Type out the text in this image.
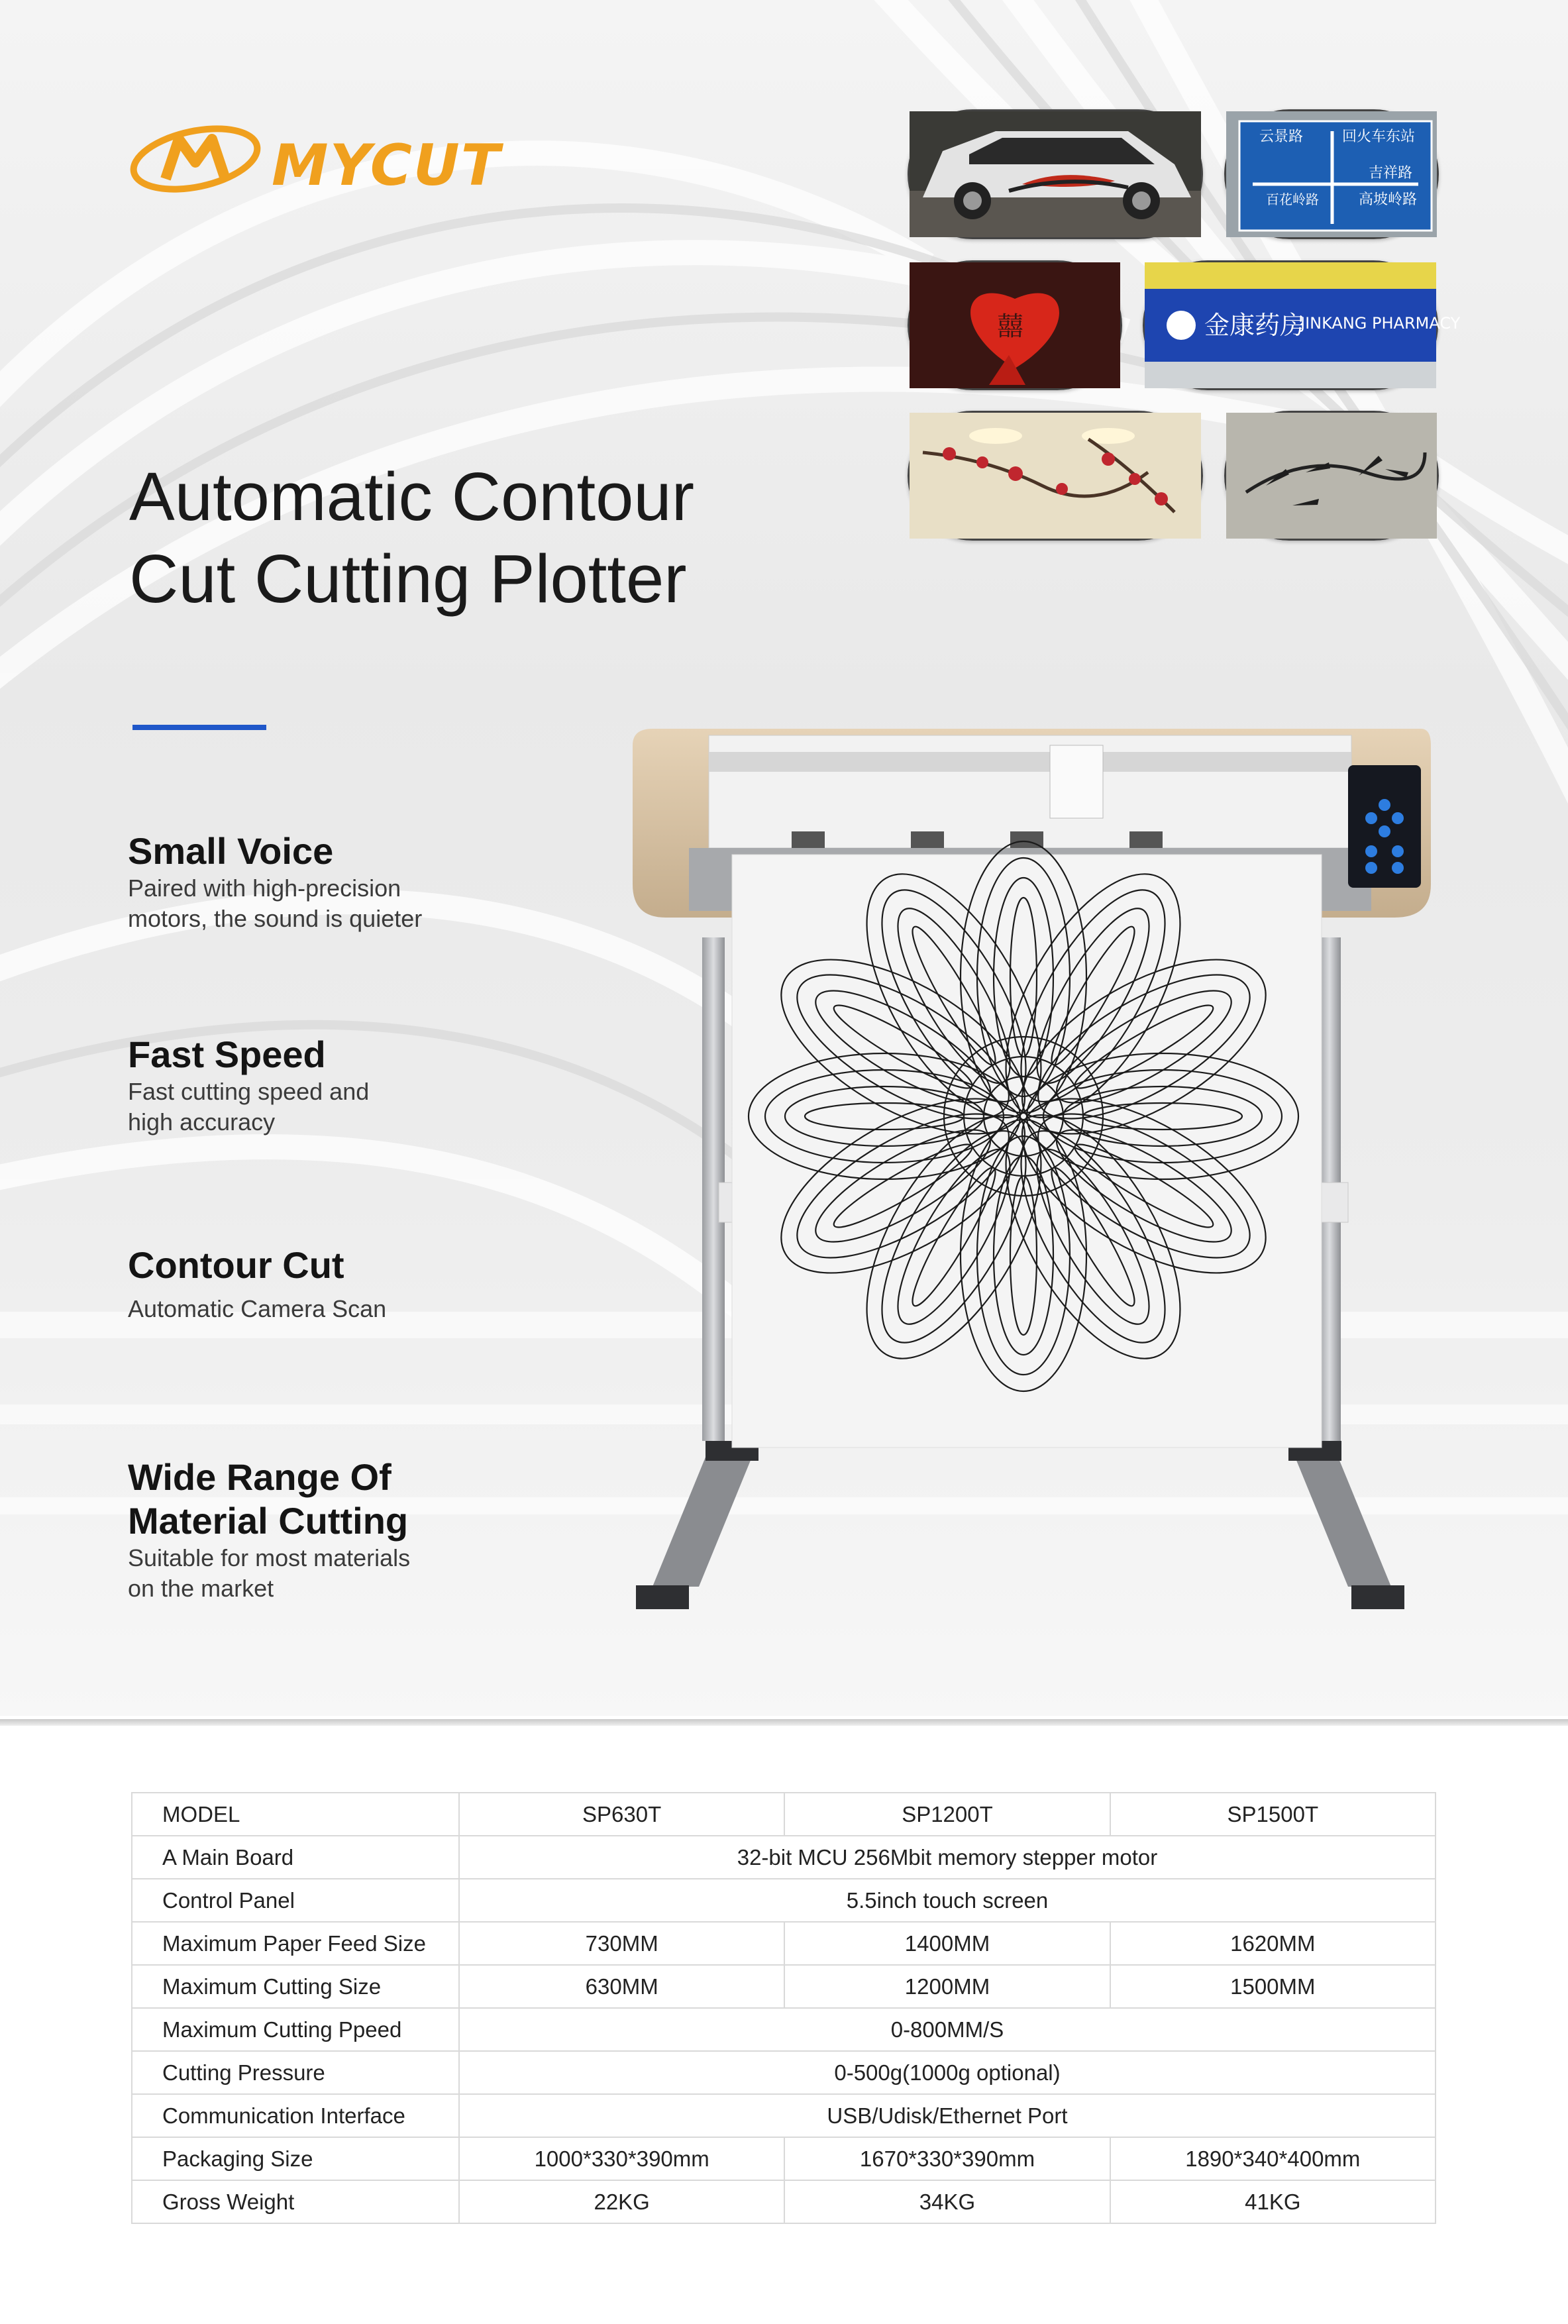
MYCUT
Automatic Contour
Cut Cutting Plotter
Small Voice

Paired with high-precision

motors, the sound is quieter

Fast Speed

Fast cutting speed and

high accuracy

Contour Cut

Automatic Camera Scan

Wide Range Of
Material Cutting

Suitable for most materials

on the market

云景路	回火车东站
吉祥路
百花岭路	高坡岭路
囍	金康药房
JINKANG PHARMACY
MODEL	SP630T	SP1200T	SP1500T
A Main Board	32-bit MCU 256Mbit memory stepper motor		
Control Panel	5.5inch touch screen		
Maximum Paper Feed Size	730MM	1400MM	1620MM
Maximum Cutting Size	630MM	1200MM	1500MM
Maximum Cutting Ppeed	0-800MM/S		
Cutting Pressure	0-500g(1000g optional)		
Communication Interface	USB/Udisk/Ethernet Port		
Packaging Size	1000*330*390mm	1670*330*390mm	1890*340*400mm
Gross Weight	22KG	34KG	41KG
